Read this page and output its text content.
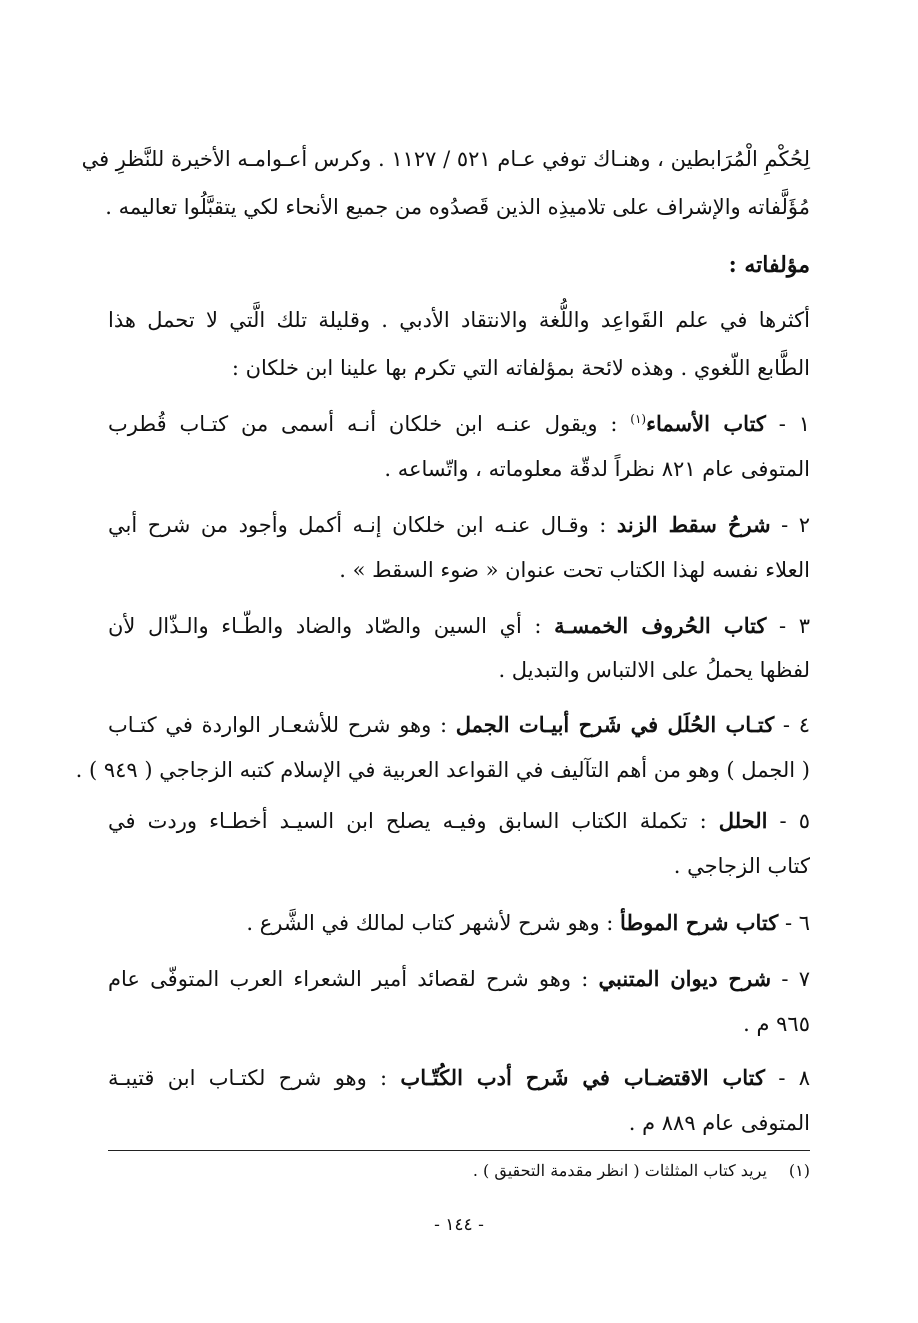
لِحُكْمِ الْمُرَابطين ، وهنـاك توفي عـام ٥٢١ / ١١٢٧ . وكرس أعـوامـه الأخيرة للنَّظرِ في
مُؤَلَّفاته والإشراف على تلاميذِه الذين قَصدُوه من جميع الأنحاء لكي يتقبَّلُوا تعاليمه .
مؤلفاته :
أكثرها في علم القَواعِد واللُّغة والانتقاد الأدبي . وقليلة تلك الَّتي لا تحمل هذا
الطَّابع اللّغوي . وهذه لائحة بمؤلفاته التي تكرم بها علينا ابن خلكان :
١ - كتاب الأسماء$^{(١)}$ : ويقول عنـه ابن خلكان أنـه أسمى من كتـاب قُطرب
المتوفى عام ٨٢١ نظراً لدقّة معلوماته ، واتّساعه .
٢ - شرحُ سقط الزند : وقـال عنـه ابن خلكان إنـه أكمل وأجود من شرح أبي
العلاء نفسه لهذا الكتاب تحت عنوان « ضوء السقط » .
٣ - كتاب الحُروف الخمسـة : أي السين والصّاد والضاد والطّـاء والـذّال لأن
لفظها يحملُ على الالتباس والتبديل .
٤ - كتـاب الحُلَل في شَرح أبيـات الجمل : وهو شرح للأشعـار الواردة في كتـاب
( الجمل ) وهو من أهم التآليف في القواعد العربية في الإسلام كتبه الزجاجي ( ٩٤٩ ) .
٥ - الحلل : تكملة الكتاب السابق وفيـه يصلح ابن السيـد أخطـاء وردت في
كتاب الزجاجي .
٦ - كتاب شرح الموطأ : وهو شرح لأشهر كتاب لمالك في الشَّرع .
٧ - شرح ديوان المتنبي : وهو شرح لقصائد أمير الشعراء العرب المتوفّى عام
٩٦٥ م .
٨ - كتاب الاقتضـاب في شَرح أدب الكُتّـاب : وهو شرح لكتـاب ابن قتيبـة
المتوفى عام ٨٨٩ م .
(١)يريد كتاب المثلثات ( انظر مقدمة التحقيق ) .
- ١٤٤ -
